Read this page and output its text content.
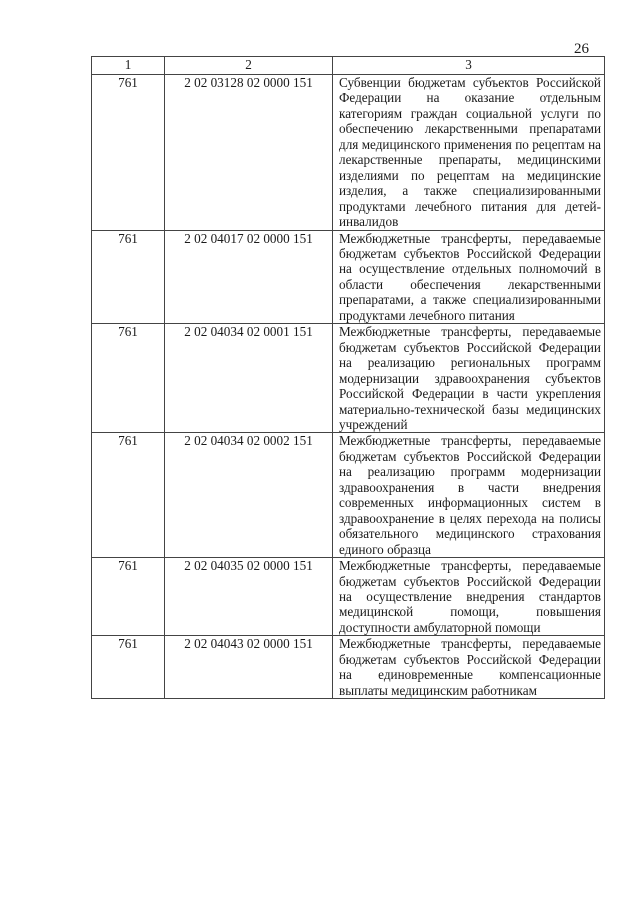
26
1	2	3
761	2 02 03128 02 0000 151	Субвенции бюджетам субъектов Российской Федерации на оказание отдельным категориям граждан социальной услуги по обеспечению лекарственными препаратами для медицинского применения по рецептам на лекарственные препараты, медицинскими изделиями по рецептам на медицинские изделия, а также специализированными продуктами лечебного питания для детей-инвалидов

761	2 02 04017 02 0000 151	Межбюджетные трансферты, передаваемые бюджетам субъектов Российской Федерации на осуществление отдельных полномочий в области обеспечения лекарственными препаратами, а также специализированными продуктами лечебного питания

761	2 02 04034 02 0001 151	Межбюджетные трансферты, передаваемые бюджетам субъектов Российской Федерации на реализацию региональных программ модернизации здравоохранения субъектов Российской Федерации в части укрепления материально-технической базы медицинских учреждений

761	2 02 04034 02 0002 151	Межбюджетные трансферты, передаваемые бюджетам субъектов Российской Федерации на реализацию программ модернизации здравоохранения в части внедрения современных информационных систем в здравоохранение в целях перехода на полисы обязательного медицинского страхования единого образца

761	2 02 04035 02 0000 151	Межбюджетные трансферты, передаваемые бюджетам субъектов Российской Федерации на осуществление внедрения стандартов медицинской помощи, повышения доступности амбулаторной помощи

761	2 02 04043 02 0000 151	Межбюджетные трансферты, передаваемые бюджетам субъектов Российской Федерации на единовременные компенсационные выплаты медицинским работникам
